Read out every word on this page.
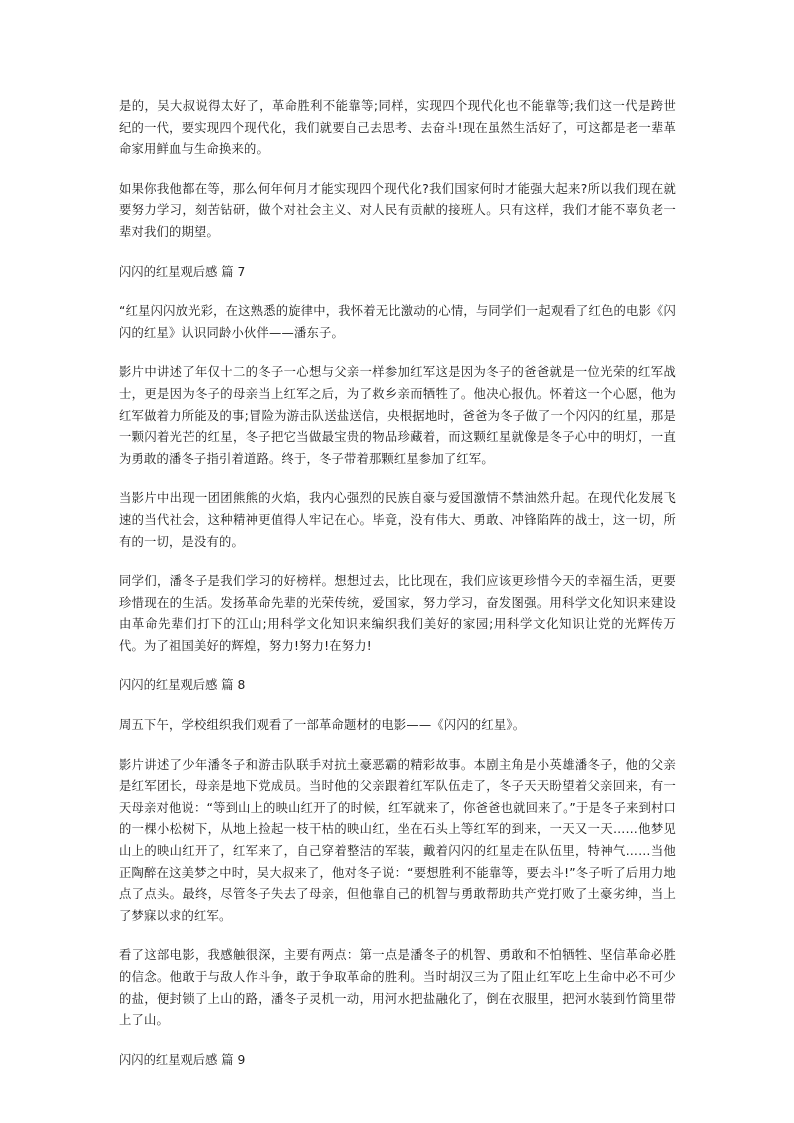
是的，吴大叔说得太好了，革命胜利不能靠等;同样，实现四个现代化也不能靠等;我们这一代是跨世纪的一代，要实现四个现代化，我们就要自己去思考、去奋斗!现在虽然生活好了，可这都是老一辈革命家用鲜血与生命换来的。

如果你我他都在等，那么何年何月才能实现四个现代化?我们国家何时才能强大起来?所以我们现在就要努力学习，刻苦钻研，做个对社会主义、对人民有贡献的接班人。只有这样，我们才能不辜负老一辈对我们的期望。

闪闪的红星观后感 篇 7

“红星闪闪放光彩，在这熟悉的旋律中，我怀着无比激动的心情，与同学们一起观看了红色的电影《闪闪的红星》认识同龄小伙伴——潘东子。

影片中讲述了年仅十二的冬子一心想与父亲一样参加红军这是因为冬子的爸爸就是一位光荣的红军战士，更是因为冬子的母亲当上红军之后，为了救乡亲而牺牲了。他决心报仇。怀着这一个心愿，他为红军做着力所能及的事;冒险为游击队送盐送信，央根据地时，爸爸为冬子做了一个闪闪的红星，那是一颗闪着光芒的红星，冬子把它当做最宝贵的物品珍藏着，而这颗红星就像是冬子心中的明灯，一直为勇敢的潘冬子指引着道路。终于，冬子带着那颗红星参加了红军。

当影片中出现一团团熊熊的火焰，我内心强烈的民族自豪与爱国激情不禁油然升起。在现代化发展飞速的当代社会，这种精神更值得人牢记在心。毕竟，没有伟大、勇敢、冲锋陷阵的战士，这一切，所有的一切，是没有的。

同学们，潘冬子是我们学习的好榜样。想想过去，比比现在，我们应该更珍惜今天的幸福生活，更要珍惜现在的生活。发扬革命先辈的光荣传统，爱国家，努力学习，奋发图强。用科学文化知识来建设由革命先辈们打下的江山;用科学文化知识来编织我们美好的家园;用科学文化知识让党的光辉传万代。为了祖国美好的辉煌，努力!努力!在努力!

闪闪的红星观后感 篇 8

周五下午，学校组织我们观看了一部革命题材的电影——《闪闪的红星》。

影片讲述了少年潘冬子和游击队联手对抗土豪恶霸的精彩故事。本剧主角是小英雄潘冬子，他的父亲是红军团长，母亲是地下党成员。当时他的父亲跟着红军队伍走了，冬子天天盼望着父亲回来，有一天母亲对他说：“等到山上的映山红开了的时候，红军就来了，你爸爸也就回来了。”于是冬子来到村口的一棵小松树下，从地上捡起一枝干枯的映山红，坐在石头上等红军的到来，一天又一天……他梦见山上的映山红开了，红军来了，自己穿着整洁的军装，戴着闪闪的红星走在队伍里，特神气……当他正陶醉在这美梦之中时，吴大叔来了，他对冬子说：“要想胜利不能靠等，要去斗!”冬子听了后用力地点了点头。最终，尽管冬子失去了母亲，但他靠自己的机智与勇敢帮助共产党打败了土豪劣绅，当上了梦寐以求的红军。

看了这部电影，我感触很深，主要有两点：第一点是潘冬子的机智、勇敢和不怕牺牲、坚信革命必胜的信念。他敢于与敌人作斗争，敢于争取革命的胜利。当时胡汉三为了阻止红军吃上生命中必不可少的盐，便封锁了上山的路，潘冬子灵机一动，用河水把盐融化了，倒在衣服里，把河水装到竹筒里带上了山。

闪闪的红星观后感 篇 9
